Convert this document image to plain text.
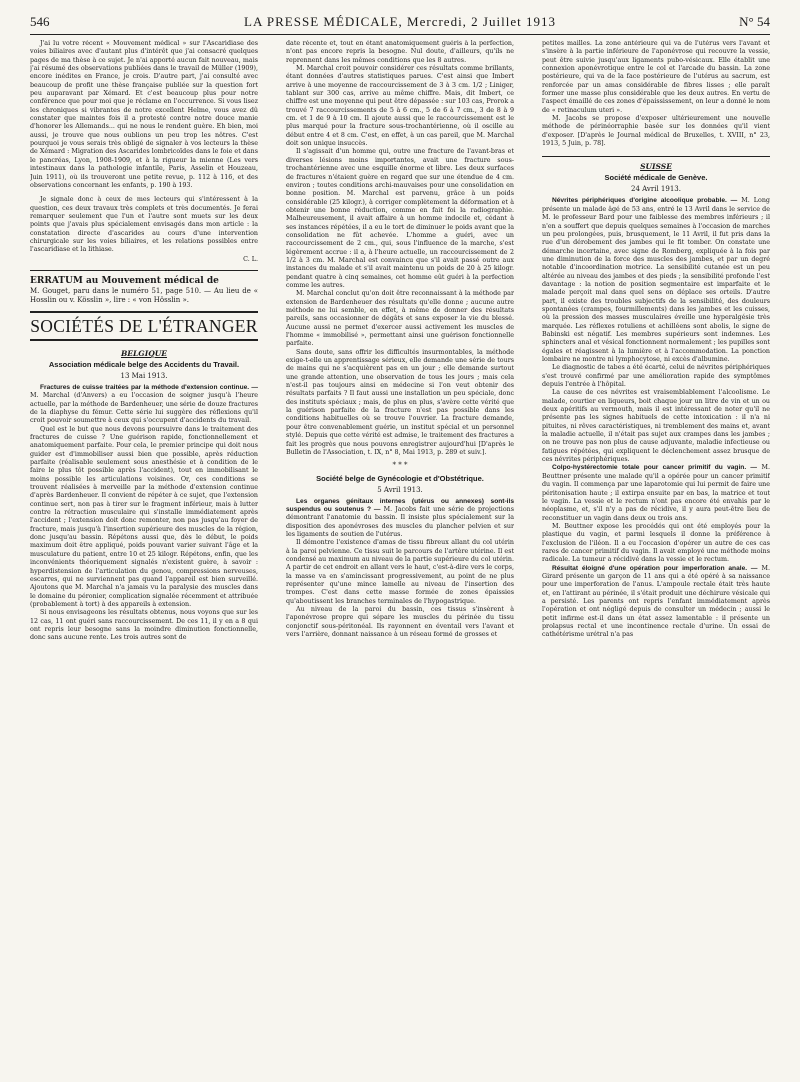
546	LA PRESSE MÉDICALE, Mercredi, 2 Juillet 1913	N° 54

J'ai lu votre récent « Mouvement médical » sur l'Ascaridiase des voies biliaires avec d'autant plus d'intérêt que j'ai consacré quelques pages de ma thèse à ce sujet. Je n'ai apporté aucun fait nouveau, mais j'ai résumé des observations publiées dans le travail de Müller (1909), encore inédites en France, je crois. D'autre part, j'ai consulté avec beaucoup de profit une thèse française publiée sur la question fort peu auparavant par Xémard. Et c'est beaucoup plus pour notre conférence que pour moi que je réclame en l'occurrence. Si vous lisez les chroniques si vibrantes de notre excellent Helme, vous avez dû constater que maintes fois il a protesté contre notre douce manie d'honorer les Allemands... qui ne nous le rendent guère. Eh bien, moi aussi, je trouve que nous oublions un peu trop les nôtres. C'est pourquoi je vous serais très obligé de signaler à vos lecteurs la thèse de Xémard : Migration des Ascarides lombricoïdes dans le foie et dans le pancréas, Lyon, 1908-1909, et à la rigueur la mienne (Les vers intestinaux dans la pathologie infantile, Paris, Asselin et Houzeau, Juin 1911), où ils trouveront une petite revue, p. 112 à 116, et des observations concernant les enfants, p. 190 à 193.

Je signale donc à ceux de mes lecteurs qui s'intéressent à la question, ces deux travaux très complets et très documentés. Je ferai remarquer seulement que l'un et l'autre sont muets sur les deux points que j'avais plus spécialement envisagés dans mon article : la constatation directe d'ascarides au cours d'une intervention chirurgicale sur les voies biliaires, et les relations possibles entre l'ascaridiase et la lithiase.

C. L.
ERRATUM au Mouvement médical de
M. Gouget, paru dans le numéro 51, page 510. — Au lieu de « Hosslin ou v. Kösslin », lire : « von Hösslin ».
SOCIÉTÉS DE L'ÉTRANGER
BELGIQUE
Association médicale belge des Accidents du Travail.
13 Mai 1913.

Fractures de cuisse traitées par la méthode d'extension continue. — M. Marchal (d'Anvers) a eu l'occasion de soigner jusqu'à l'heure actuelle, par la méthode de Bardenheuer, une série de douze fractures de la diaphyse du fémur. Cette série lui suggère des réflexions qu'il croit pouvoir soumettre à ceux qui s'occupent d'accidents du travail.

Quel est le but que nous devons poursuivre dans le traitement des fractures de cuisse ? Une guérison rapide, fonctionnellement et anatomiquement parfaite. Pour cela, le premier principe qui doit nous guider est d'immobiliser aussi bien que possible, après réduction parfaite (réalisable seulement sous anesthésie et à condition de le faire le plus tôt possible après l'accident), tout en immobilisant le moins possible les articulations voisines. Or, ces conditions se trouvent réalisées à merveille par la méthode d'extension continue d'après Bardenheuer. Il convient de répéter à ce sujet, que l'extension continue sert, non pas à tirer sur le fragment inférieur, mais à lutter contre la rétraction musculaire qui s'installe immédiatement après l'accident ; l'extension doit donc remonter, non pas jusqu'au foyer de fracture, mais jusqu'à l'insertion supérieure des muscles de la région, donc jusqu'au bassin. Répétons aussi que, dès le début, le poids maximum doit être appliqué, poids pouvant varier suivant l'âge et la musculature du patient, entre 10 et 25 kilogr. Répétons, enfin, que les inconvénients théoriquement signalés n'existent guère, à savoir : hyperdistension de l'articulation du genou, compressions nerveuses, escarres, qui ne surviennent pas quand l'appareil est bien surveillé. Ajoutons que M. Marchal n'a jamais vu la paralysie des muscles dans le domaine du péronier, complication signalée récemment et attribuée (probablement à tort) à des appareils à extension.

Si nous envisageons les résultats obtenus, nous voyons que sur les 12 cas, 11 ont guéri sans raccourcissement. De ces 11, il y en a 8 qui ont repris leur besogne sans la moindre diminution fonctionnelle, donc sans aucune rente. Les trois autres sont de

date récente et, tout en étant anatomiquement guéris à la perfection, n'ont pas encore repris la besogne. Nul doute, d'ailleurs, qu'ils ne reprennent dans les mêmes conditions que les 8 autres.

M. Marchal croit pouvoir considérer ces résultats comme brillants, étant données d'autres statistiques parues. C'est ainsi que Imbert arrive à une moyenne de raccourcissement de 3 à 3 cm. 1/2 ; Liniger, tablant sur 300 cas, arrive au même chiffre. Mais, dit Imbert, ce chiffre est une moyenne qui peut être dépassée : sur 103 cas, Prorok a trouvé 7 raccourcissements de 5 à 6 cm., 5 de 6 à 7 cm., 3 de 8 à 9 cm. et 1 de 9 à 10 cm. Il ajoute aussi que le raccourcissement est le plus marqué pour la fracture sous-trochantérienne, où il oscille au début entre 4 et 8 cm. C'est, en effet, à un cas pareil, que M. Marchal doit son unique insuccès.

Il s'agissait d'un homme qui, outre une fracture de l'avant-bras et diverses lésions moins importantes, avait une fracture sous-trochantérienne avec une esquille énorme et libre. Les deux surfaces de fractures n'étaient guère en regard que sur une étendue de 4 cm. environ ; toutes conditions archi-mauvaises pour une consolidation en bonne position. M. Marchal est parvenu, grâce à un poids considérable (25 kilogr.), à corriger complètement la déformation et à obtenir une bonne réduction, comme en fait foi la radiographie. Malheureusement, il avait affaire à un homme indocile et, cédant à ses instances répétées, il a eu le tort de diminuer le poids avant que la consolidation ne fût achevée. L'homme a guéri, avec un raccourcissement de 2 cm., qui, sous l'influence de la marche, s'est légèrement accrue : il a, à l'heure actuelle, un raccourcissement de 2 1/2 à 3 cm. M. Marchal est convaincu que s'il avait passé outre aux instances du malade et s'il avait maintenu un poids de 20 à 25 kilogr. pendant quatre à cinq semaines, cet homme eût guéri à la perfection comme les autres.

M. Marchal conclut qu'on doit être reconnaissant à la méthode par extension de Bardenheuer des résultats qu'elle donne ; aucune autre méthode ne lui semble, en effet, à même de donner des résultats pareils, sans occasionner de dégâts et sans exposer la vie du blessé. Aucune aussi ne permet d'exercer aussi activement les muscles de l'homme « immobilisé », permettant ainsi une guérison fonctionnelle parfaite.

Sans doute, sans offrir les difficultés insurmontables, la méthode exige-t-elle un apprentissage sérieux, elle demande une série de tours de mains qui ne s'acquièrent pas en un jour ; elle demande surtout une grande attention, une observation de tous les jours ; mais cela n'est-il pas toujours ainsi en médecine si l'on veut obtenir des résultats parfaits ? Il faut aussi une installation un peu spéciale, donc des instituts spéciaux ; mais, de plus en plus, s'avère cette vérité que la guérison parfaite de la fracture n'est pas possible dans les conditions habituelles où se trouve l'ouvrier. La fracture demande, pour être convenablement guérie, un institut spécial et un personnel stylé. Depuis que cette vérité est admise, le traitement des fractures a fait les progrès que nous pouvons enregistrer aujourd'hui [D'après le Bulletin de l'Association, t. IX, n° 8, Mai 1913, p. 289 et suiv.].

* * *
Société belge de Gynécologie et d'Obstétrique.
5 Avril 1913.

Les organes génitaux internes (utérus ou annexes) sont-ils suspendus ou soutenus ? — M. Jacobs fait une série de projections démontrant l'anatomie du bassin. Il insiste plus spécialement sur la disposition des aponévroses des muscles du plancher pelvien et sur les ligaments de soutien de l'utérus.

Il démontre l'existence d'amas de tissu fibreux allant du col utérin à la paroi pelvienne. Ce tissu suit le parcours de l'artère utérine. Il est condensé au maximum au niveau de la partie supérieure du col utérin. A partir de cet endroit en allant vers le haut, c'est-à-dire vers le corps, la masse va en s'amincissant progressivement, au point de ne plus représenter qu'une mince lamelle au niveau de l'insertion des trompes. C'est dans cette masse formée de zones épaissies qu'aboutissent les branches terminales de l'hypogastrique.

Au niveau de la paroi du bassin, ces tissus s'insèrent à l'aponévrose propre qui sépare les muscles du périnée du tissu conjonctif sous-péritonéal. Ils rayonnent en éventail vers l'avant et vers l'arrière, donnant naissance à un réseau formé de grosses et

petites mailles. La zone antérieure qui va de l'utérus vers l'avant et s'insère à la partie inférieure de l'aponévrose qui recouvre la vessie, peut être suivie jusqu'aux ligaments pubo-vésicaux. Elle établit une connexion aponévrotique entre le col et l'arcade du bassin. La zone postérieure, qui va de la face postérieure de l'utérus au sacrum, est renforcée par un amas considérable de fibres lisses ; elle paraît former une masse plus considérable que les deux autres. En vertu de l'aspect émaillé de ces zones d'épaississement, on leur a donné le nom de « retinaculum uteri ».

M. Jacobs se propose d'exposer ultérieurement une nouvelle méthode de périnéorraphie basée sur les données qu'il vient d'exposer. [D'après le Journal médical de Bruxelles, t. XVIII, n° 23, 1913, 5 Juin, p. 78].

SUISSE
Société médicale de Genève.
24 Avril 1913.

Névrites périphériques d'origine alcoolique probable. — M. Long présente un malade âgé de 53 ans, entré le 13 Avril dans le service de M. le professeur Bard pour une faiblesse des membres inférieurs ; il n'en a souffert que depuis quelques semaines à l'occasion de marches un peu prolongées, puis, brusquement, le 11 Avril, il fut pris dans la rue d'un dérobement des jambes qui le fit tomber. On constate une démarche incertaine, avec signe de Romberg, expliquée à la fois par une diminution de la force des muscles des jambes, et par un degré notable d'incoordination motrice. La sensibilité cutanée est un peu altérée au niveau des jambes et des pieds ; la sensibilité profonde l'est davantage : la notion de position segmentaire est imparfaite et le malade perçoit mal dans quel sens on déplace ses orteils. D'autre part, il existe des troubles subjectifs de la sensibilité, des douleurs spontanées (crampes, fourmillements) dans les jambes et les cuisses, où la pression des masses musculaires éveille une hyperalgésie très marquée. Les réflexes rotuliens et achilléens sont abolis, le signe de Babinski est négatif. Les membres supérieurs sont indemnes. Les sphincters anal et vésical fonctionnent normalement ; les pupilles sont égales et réagissent à la lumière et à l'accommodation. La ponction lombaire ne montre ni lymphocytose, ni excès d'albumine.

Le diagnostic de tabes a été écarté, celui de névrites périphériques s'est trouvé confirmé par une amélioration rapide des symptômes depuis l'entrée à l'hôpital.

La cause de ces névrites est vraisemblablement l'alcoolisme. Le malade, courtier en liqueurs, boit chaque jour un litre de vin et un ou deux apéritifs au vermouth, mais il est intéressant de noter qu'il ne présente pas les signes habituels de cette intoxication : il n'a ni pituites, ni rêves caractéristiques, ni tremblement des mains et, avant la maladie actuelle, il n'était pas sujet aux crampes dans les jambes ; on ne trouve pas non plus de cause adjuvante, maladie infectieuse ou fatigues répétées, qui expliquent le déclenchement assez brusque de ces névrites périphériques.

Colpo-hystérectomie totale pour cancer primitif du vagin. — M. Beuttner présente une malade qu'il a opérée pour un cancer primitif du vagin. Il commença par une laparotomie qui lui permit de faire une péritonisation haute ; il extirpa ensuite par en bas, la matrice et tout le vagin. La vessie et le rectum n'ont pas encore été envahis par le néoplasme, et, s'il n'y a pas de récidive, il y aura peut-être lieu de reconstituer un vagin dans deux ou trois ans.

M. Beuttner expose les procédés qui ont été employés pour la plastique du vagin, et parmi lesquels il donne la préférence à l'exclusion de l'iléon. Il a eu l'occasion d'opérer un autre de ces cas rares de cancer primitif du vagin. Il avait employé une méthode moins radicale. La tumeur a récidivé dans la vessie et le rectum.

Résultat éloigné d'une opération pour imperforation anale. — M. Girard présente un garçon de 11 ans qui a été opéré à sa naissance pour une imperforation de l'anus. L'ampoule rectale était très haute et, en l'attirant au périnée, il s'était produit une déchirure vésicale qui a persisté. Les parents ont repris l'enfant immédiatement après l'opération et ont négligé depuis de consulter un médecin ; aussi le petit infirme est-il dans un état assez lamentable : il présente un prolapsus rectal et une incontinence rectale d'urine. Un essai de cathétérisme urétral n'a pas
